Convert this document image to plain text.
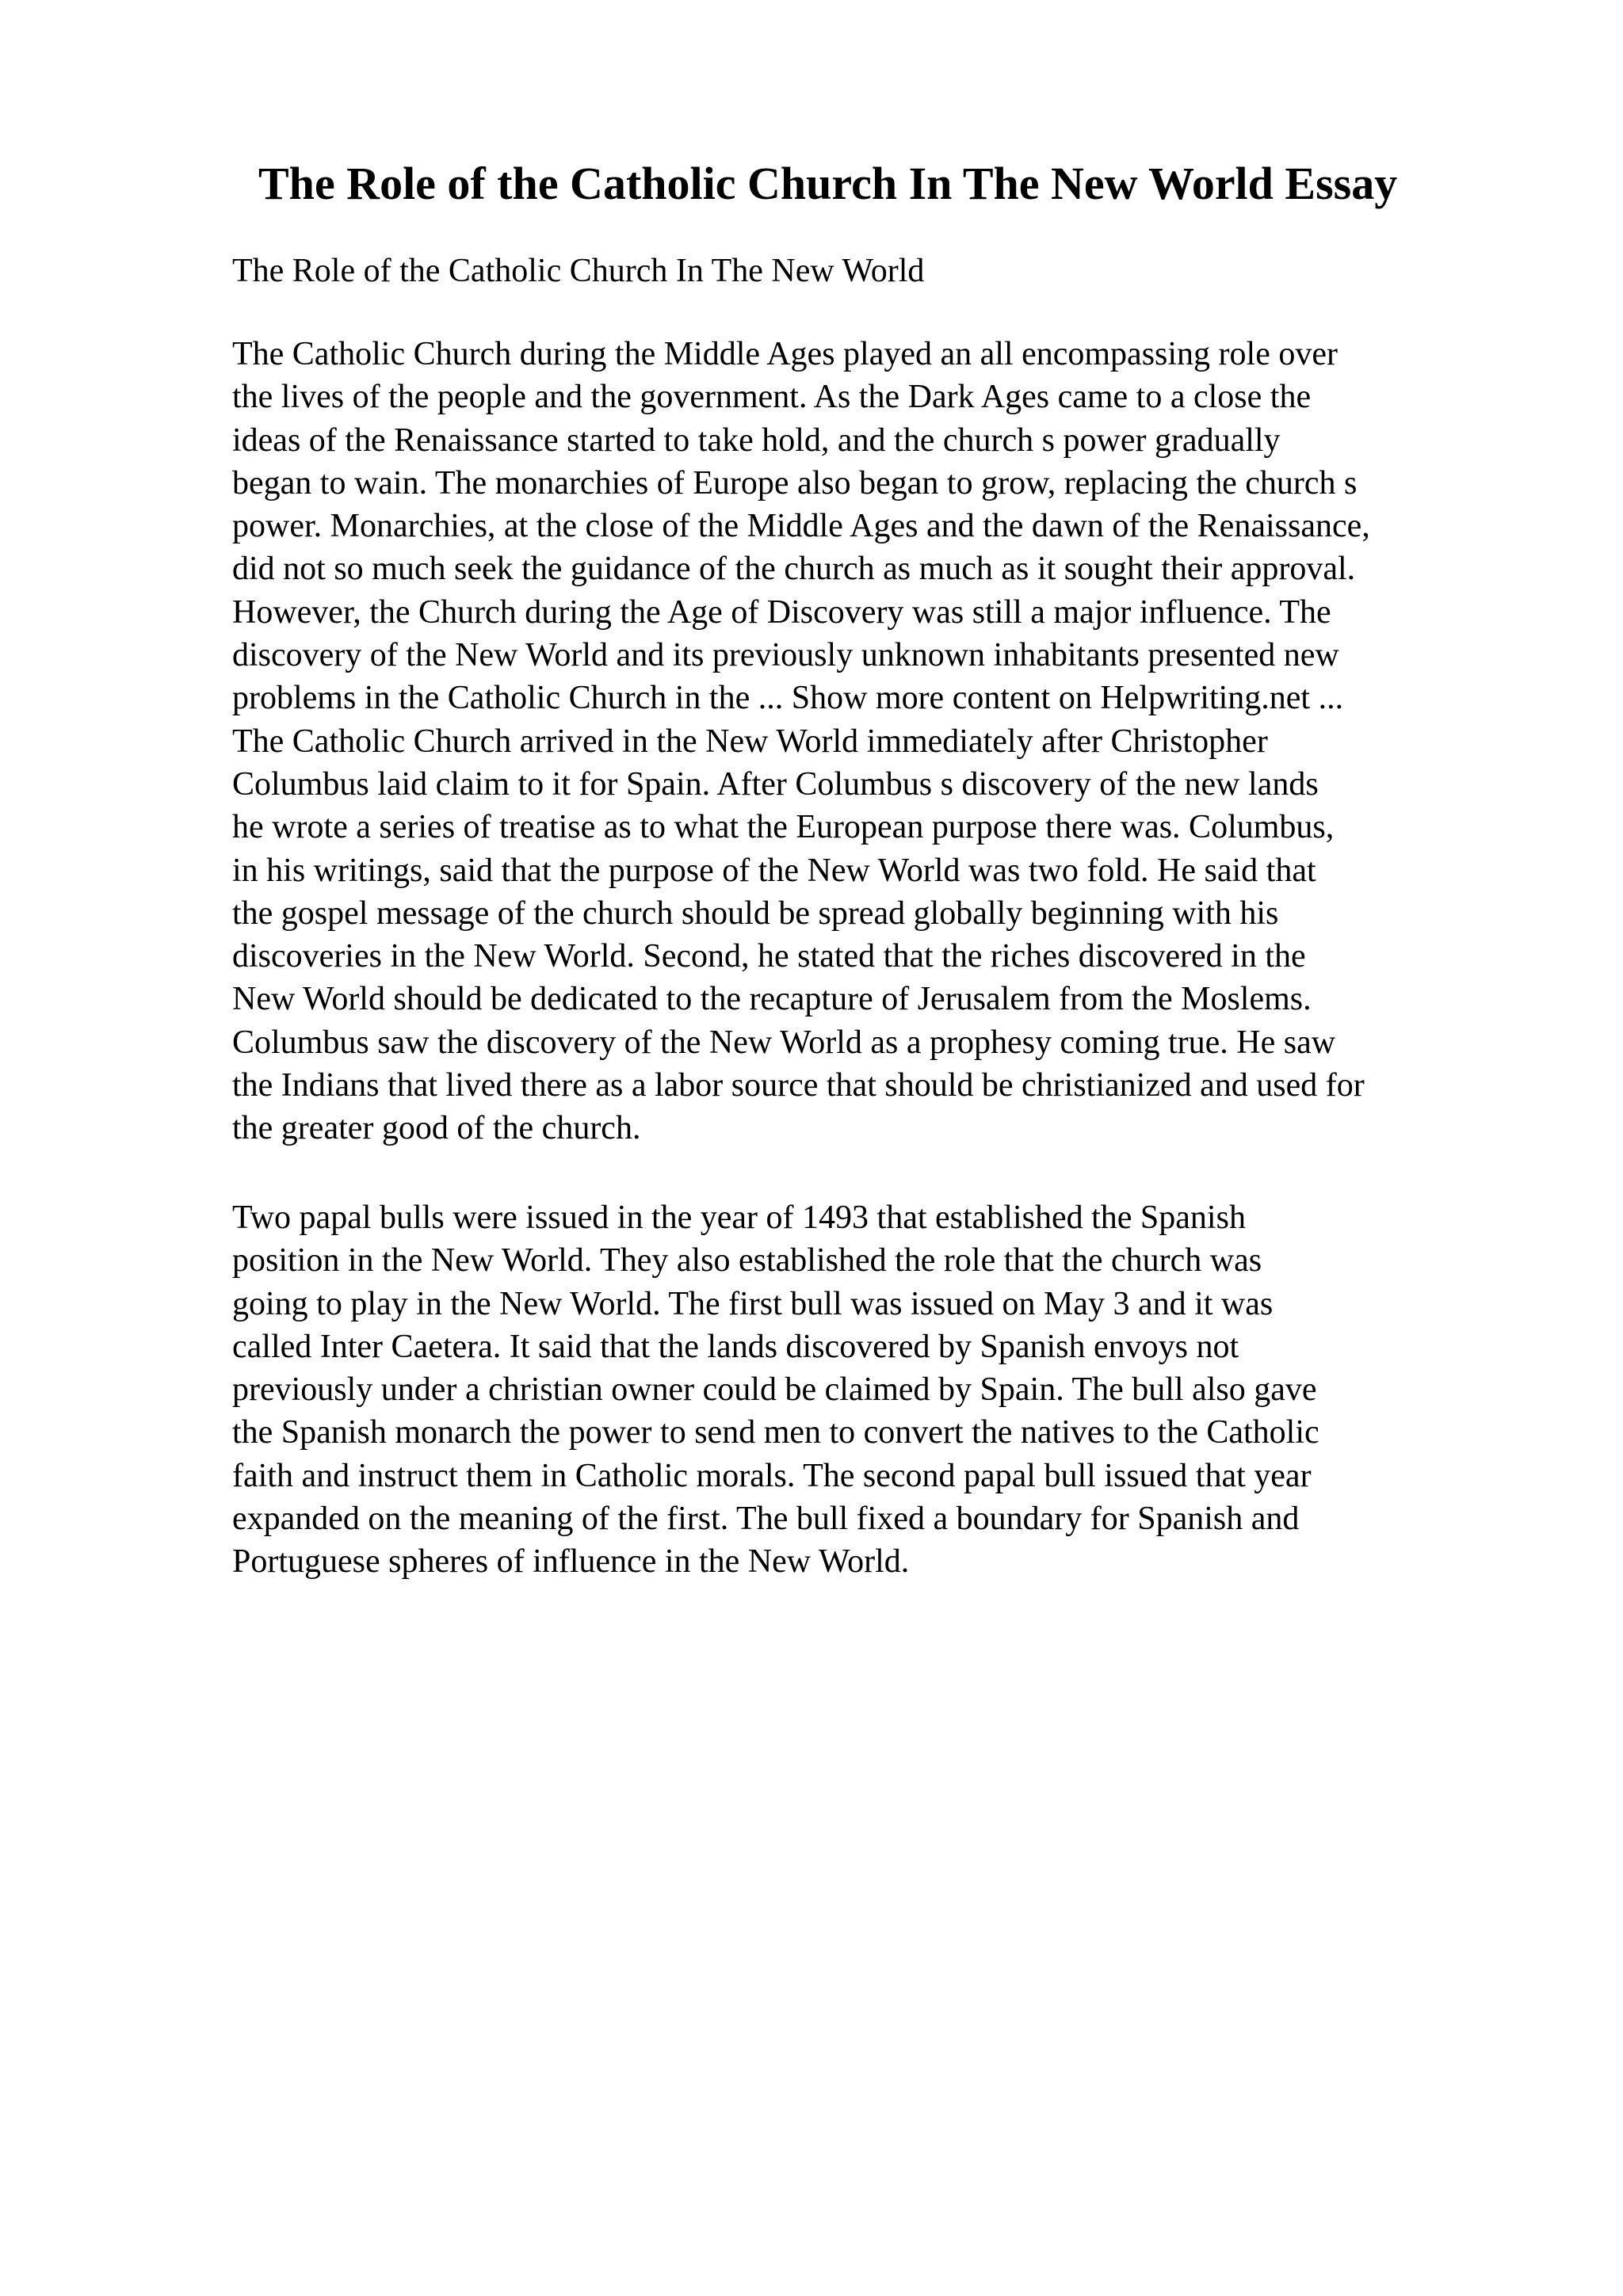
The Role of the Catholic Church In The New World Essay

The Role of the Catholic Church In The New World

The Catholic Church during the Middle Ages played an all encompassing role over
the lives of the people and the government. As the Dark Ages came to a close the
ideas of the Renaissance started to take hold, and the church s power gradually
began to wain. The monarchies of Europe also began to grow, replacing the church s
power. Monarchies, at the close of the Middle Ages and the dawn of the Renaissance,
did not so much seek the guidance of the church as much as it sought their approval.
However, the Church during the Age of Discovery was still a major influence. The
discovery of the New World and its previously unknown inhabitants presented new
problems in the Catholic Church in the ... Show more content on Helpwriting.net ...
The Catholic Church arrived in the New World immediately after Christopher
Columbus laid claim to it for Spain. After Columbus s discovery of the new lands
he wrote a series of treatise as to what the European purpose there was. Columbus,
in his writings, said that the purpose of the New World was two fold. He said that
the gospel message of the church should be spread globally beginning with his
discoveries in the New World. Second, he stated that the riches discovered in the
New World should be dedicated to the recapture of Jerusalem from the Moslems.
Columbus saw the discovery of the New World as a prophesy coming true. He saw
the Indians that lived there as a labor source that should be christianized and used for
the greater good of the church.
Two papal bulls were issued in the year of 1493 that established the Spanish
position in the New World. They also established the role that the church was
going to play in the New World. The first bull was issued on May 3 and it was
called Inter Caetera. It said that the lands discovered by Spanish envoys not
previously under a christian owner could be claimed by Spain. The bull also gave
the Spanish monarch the power to send men to convert the natives to the Catholic
faith and instruct them in Catholic morals. The second papal bull issued that year
expanded on the meaning of the first. The bull fixed a boundary for Spanish and
Portuguese spheres of influence in the New World.
